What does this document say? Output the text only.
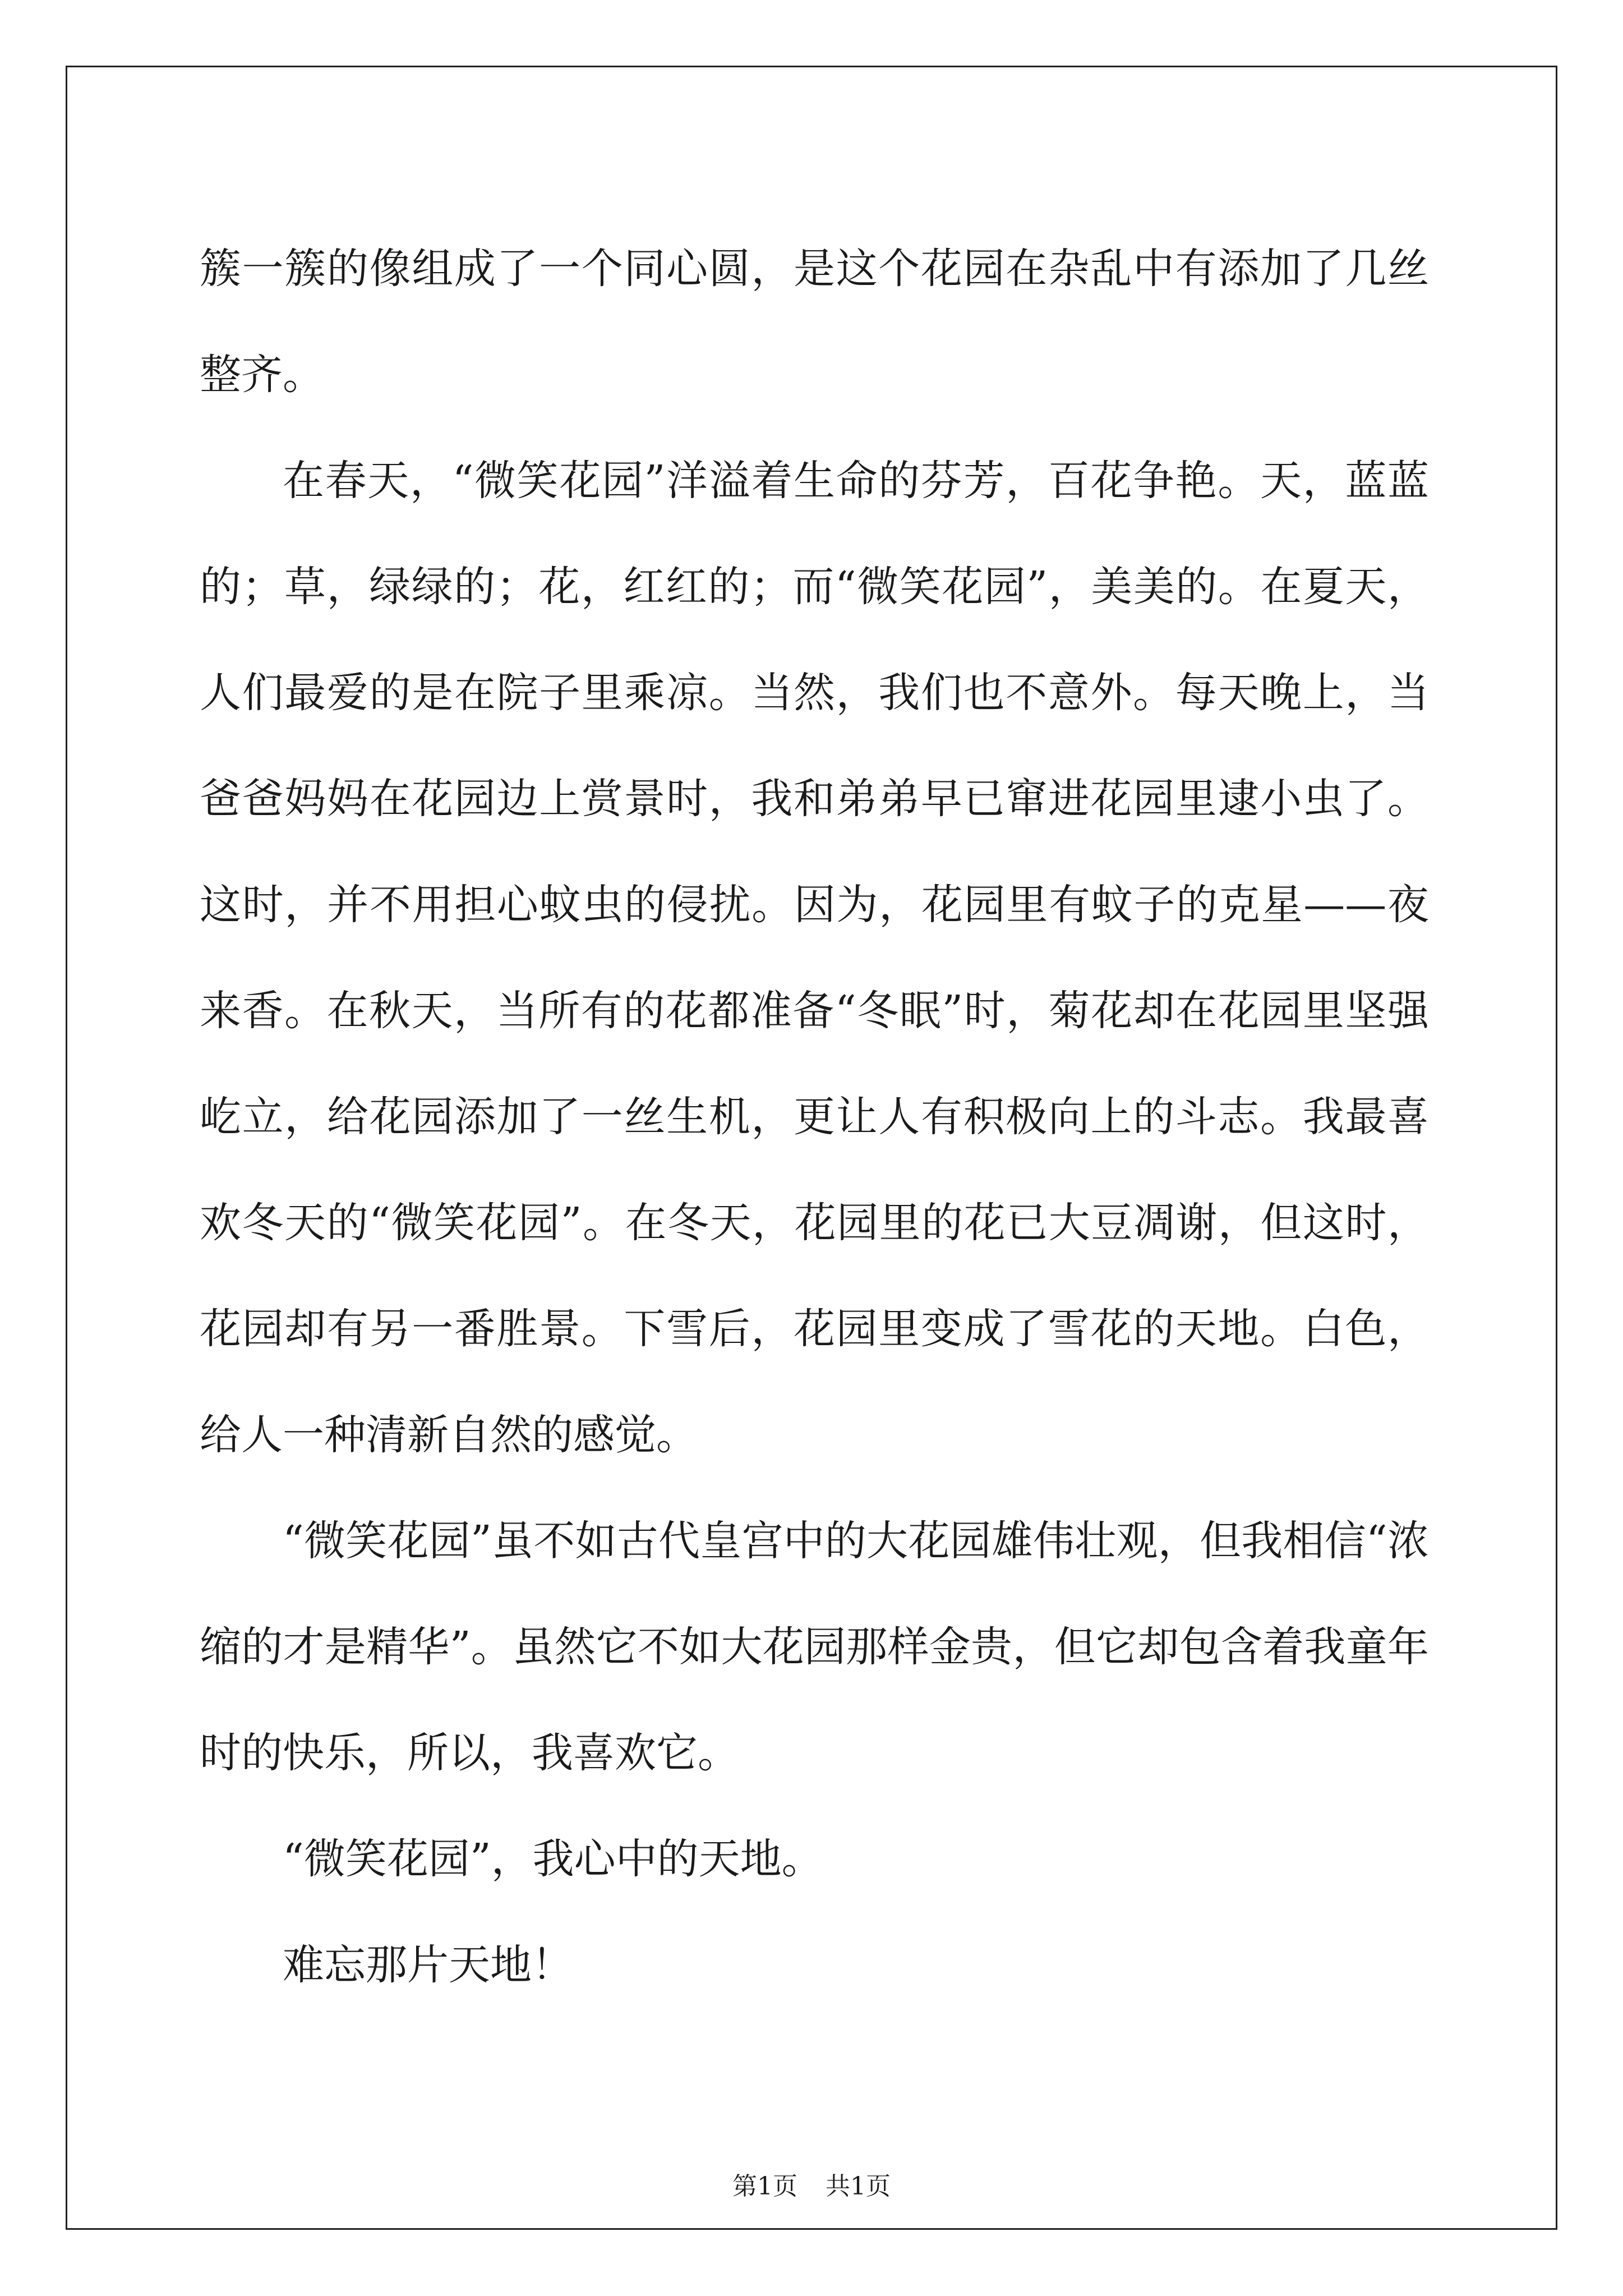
簇一簇的像组成了一个同心圆，是这个花园在杂乱中有添加了几丝整齐。

在春天，“微笑花园”洋溢着生命的芬芳，百花争艳。天，蓝蓝的；草，绿绿的；花，红红的；而“微笑花园”，美美的。在夏天，人们最爱的是在院子里乘凉。当然，我们也不意外。每天晚上，当爸爸妈妈在花园边上赏景时，我和弟弟早已窜进花园里逮小虫了。这时，并不用担心蚊虫的侵扰。因为，花园里有蚊子的克星——夜来香。在秋天，当所有的花都准备“冬眠”时，菊花却在花园里坚强屹立，给花园添加了一丝生机，更让人有积极向上的斗志。我最喜欢冬天的“微笑花园”。在冬天，花园里的花已大豆凋谢，但这时，花园却有另一番胜景。下雪后，花园里变成了雪花的天地。白色，给人一种清新自然的感觉。

“微笑花园”虽不如古代皇宫中的大花园雄伟壮观，但我相信“浓缩的才是精华”。虽然它不如大花园那样金贵，但它却包含着我童年时的快乐，所以，我喜欢它。

“微笑花园”，我心中的天地。

难忘那片天地！

第1页 共1页
